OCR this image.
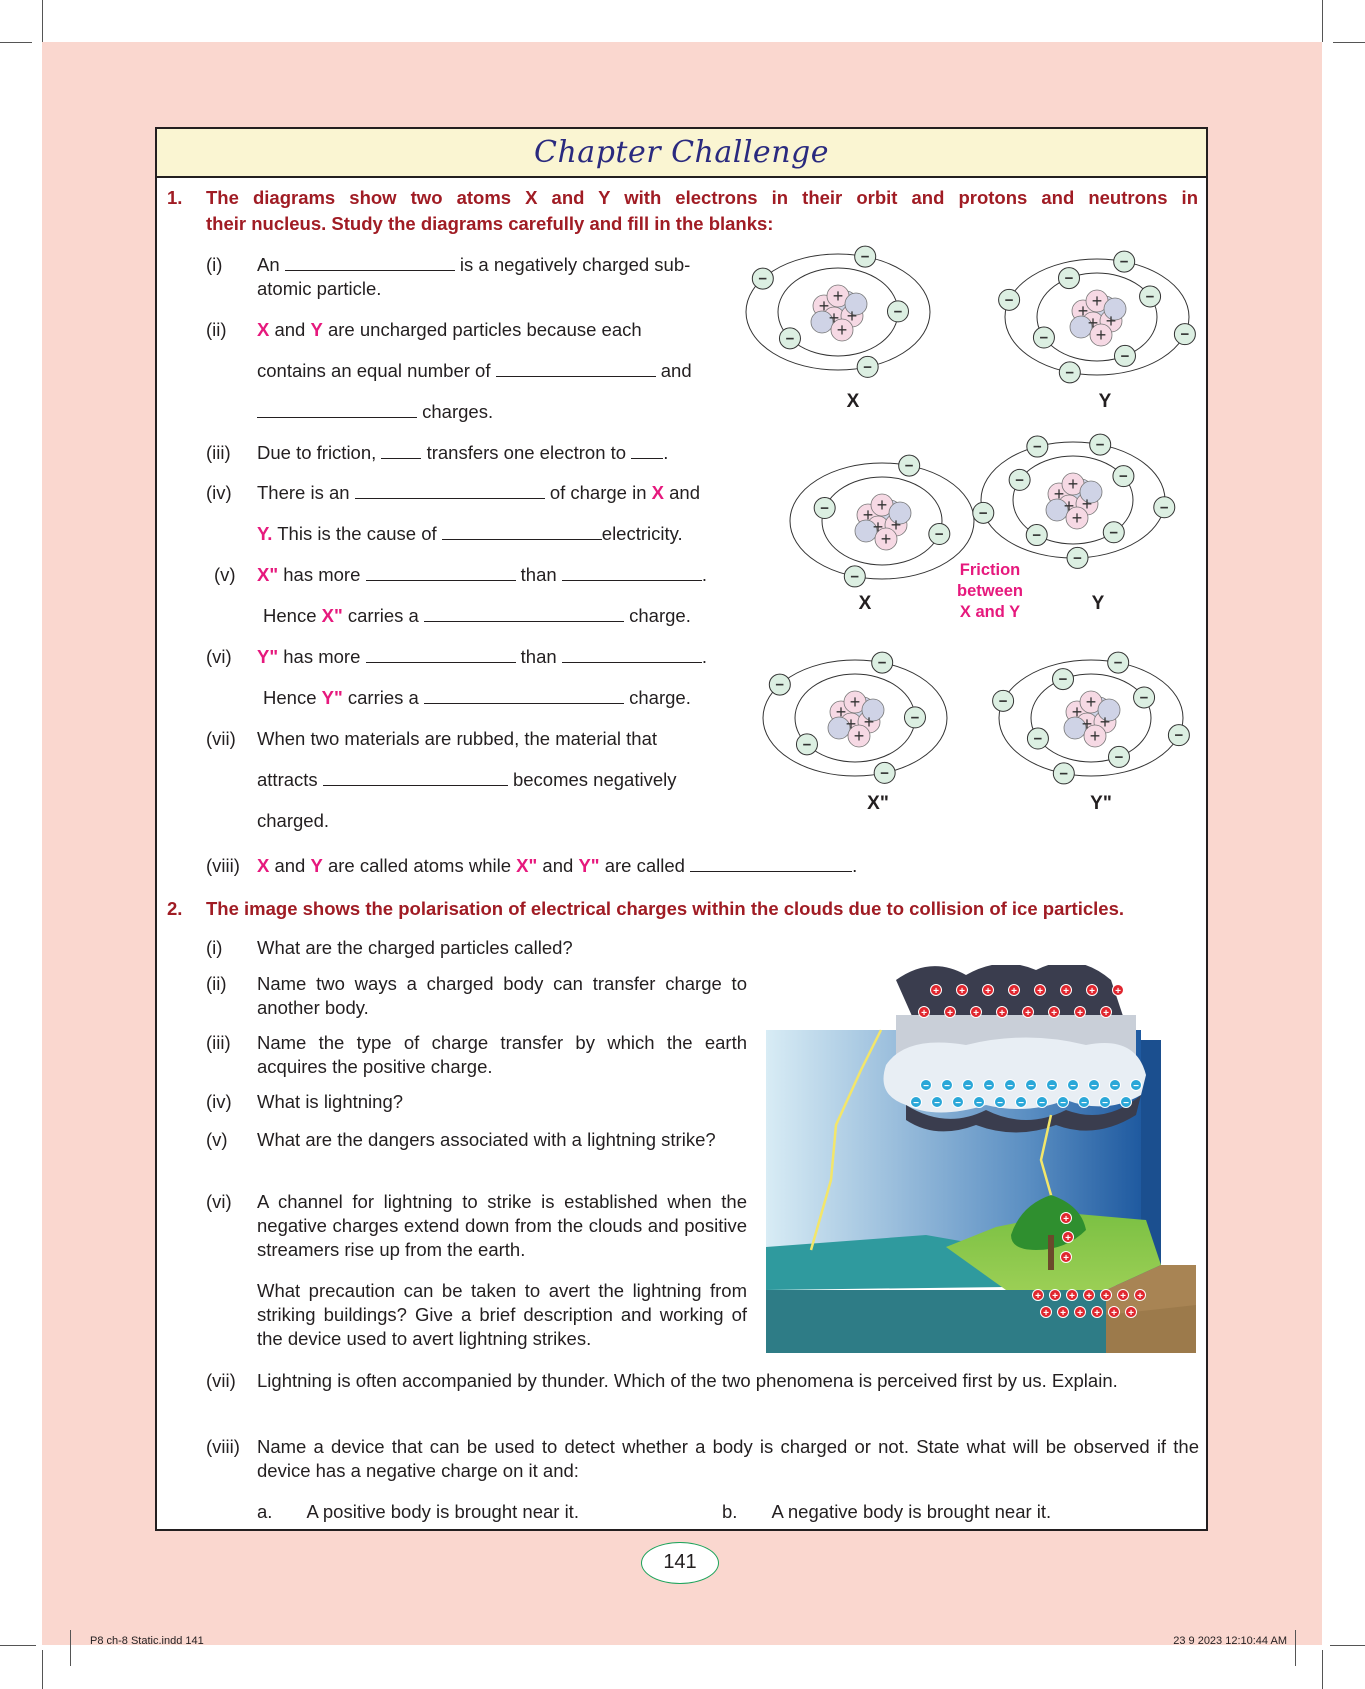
Chapter Challenge
1. The diagrams show two atoms X and Y with electrons in their orbit and protons and neutrons in
their nucleus. Study the diagrams carefully and fill in the blanks:
(i) An	is a negatively charged sub-
atomic particle.
(ii) X and Y are uncharged particles because each
contains an equal number of	and
charges.
(iii) Due to friction,	transfers one electron to .
(iv) There is an	of charge in X and
Y. This is the cause of	electricity.
(v) X" has more	than	.
Hence X" carries a	charge.
(vi) Y" has more	than	.
Hence Y" carries a	charge.
(vii) When two materials are rubbed, the material that
attracts	becomes negatively
charged.
(viii) X and Y are called atoms while X" and Y" are called	.
+
+ +
+
+
−
−
−
−
−
X
+
+ +
+
+
−
−
−
−
−
−
−
−
Y
+
+ +
+
+
−
−
−
−
X
+
+ +
+
+
−
−
−
−
−
−
−
−
−
Y
+
+ +
+
+
−
−
−
−
−
X"
+
+ +
+
+
−
−
−
−
−
−
−
−
Y"
Friction
between
X and Y
2. The image shows the polarisation of electrical charges within the clouds due to collision of ice particles.
(i) What are the charged particles called?
(ii) Name two ways a charged body can transfer charge to another body.
(iii) Name the type of charge transfer by which the earth acquires the positive charge.
(iv) What is lightning?
(v) What are the dangers associated with a lightning strike?
(vi) A channel for lightning to strike is established when the negative charges extend down from the clouds and positive streamers rise up from the earth.
What precaution can be taken to avert the lightning from striking buildings? Give a brief description and working of the device used to avert lightning strikes.
(vii) Lightning is often accompanied by thunder. Which of the two phenomena is perceived first by us. Explain.
(viii) Name a device that can be used to detect whether a body is charged or not. State what will be observed if the device has a negative charge on it and:
a. A positive body is brought near it.	b. A negative body is brought near it.
+ + + + + + + +
+ + + + + + + +
− − − − − − − − − − −
− − − − − − − − − − −
+ + + + + + +
+ + + + + +
+
+
+
141
P8 ch-8 Static.indd 141	23 9 2023 12:10:44 AM
